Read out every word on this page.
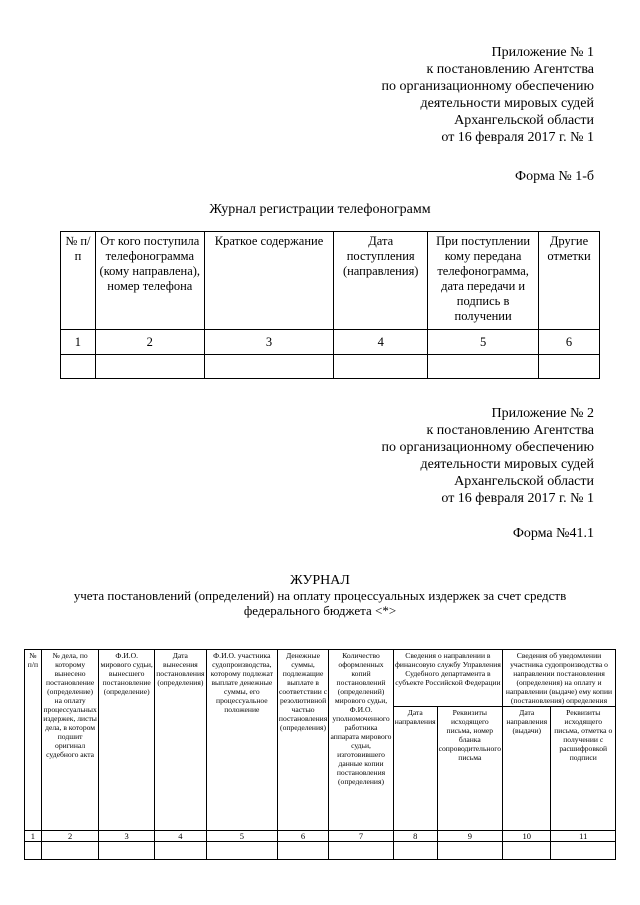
Приложение № 1
к постановлению Агентства
по организационному обеспечению
деятельности мировых судей
Архангельской области
от 16 февраля 2017 г. № 1
Форма № 1-б
Журнал регистрации телефонограмм
№ п/п	От кого поступила телефонограмма (кому направлена), номер телефона	Краткое содержание	Дата поступления (направления)	При поступлении кому передана телефонограмма, дата передачи и подпись в получении	Другие отметки
1	2	3	4	5	6

Приложение № 2
к постановлению Агентства
по организационному обеспечению
деятельности мировых судей
Архангельской области
от 16 февраля 2017 г. № 1
Форма №41.1
ЖУРНАЛ
учета постановлений (определений) на оплату процессуальных издержек за счет средств
федерального бюджета <*>
№ п/п	№ дела, по которому вынесено постановление (определение) на оплату процессуальных издержек, листы дела, в котором подшит оригинал судебного акта	Ф.И.О. мирового судьи, вынесшего постановление (определение)	Дата вынесения постановления (определения)	Ф.И.О. участника судопроизводства, которому подлежат выплате денежные суммы, его процессуальное положение	Денежные суммы, подлежащие выплате в соответствии с резолютивной частью постановления (определения)	Количество оформленных копий постановлений (определений) мирового судьи, Ф.И.О. уполномоченного работника аппарата мирового судьи, изготовившего данные копии постановления (определения)	Сведения о направлении в финансовую службу Управления Судебного департамента в субъекте Российской Федерации		Сведения об уведомлении участника судопроизводства о направлении постановления (определения) на оплату и направлении (выдаче) ему копии (постановления) определения	
							Дата направления	Реквизиты исходящего письма, номер бланка сопроводительного письма	Дата направления (выдачи)	Реквизиты исходящего письма, отметка о получении с расшифровкой подписи
1	2	3	4	5	6	7	8	9	10	11
